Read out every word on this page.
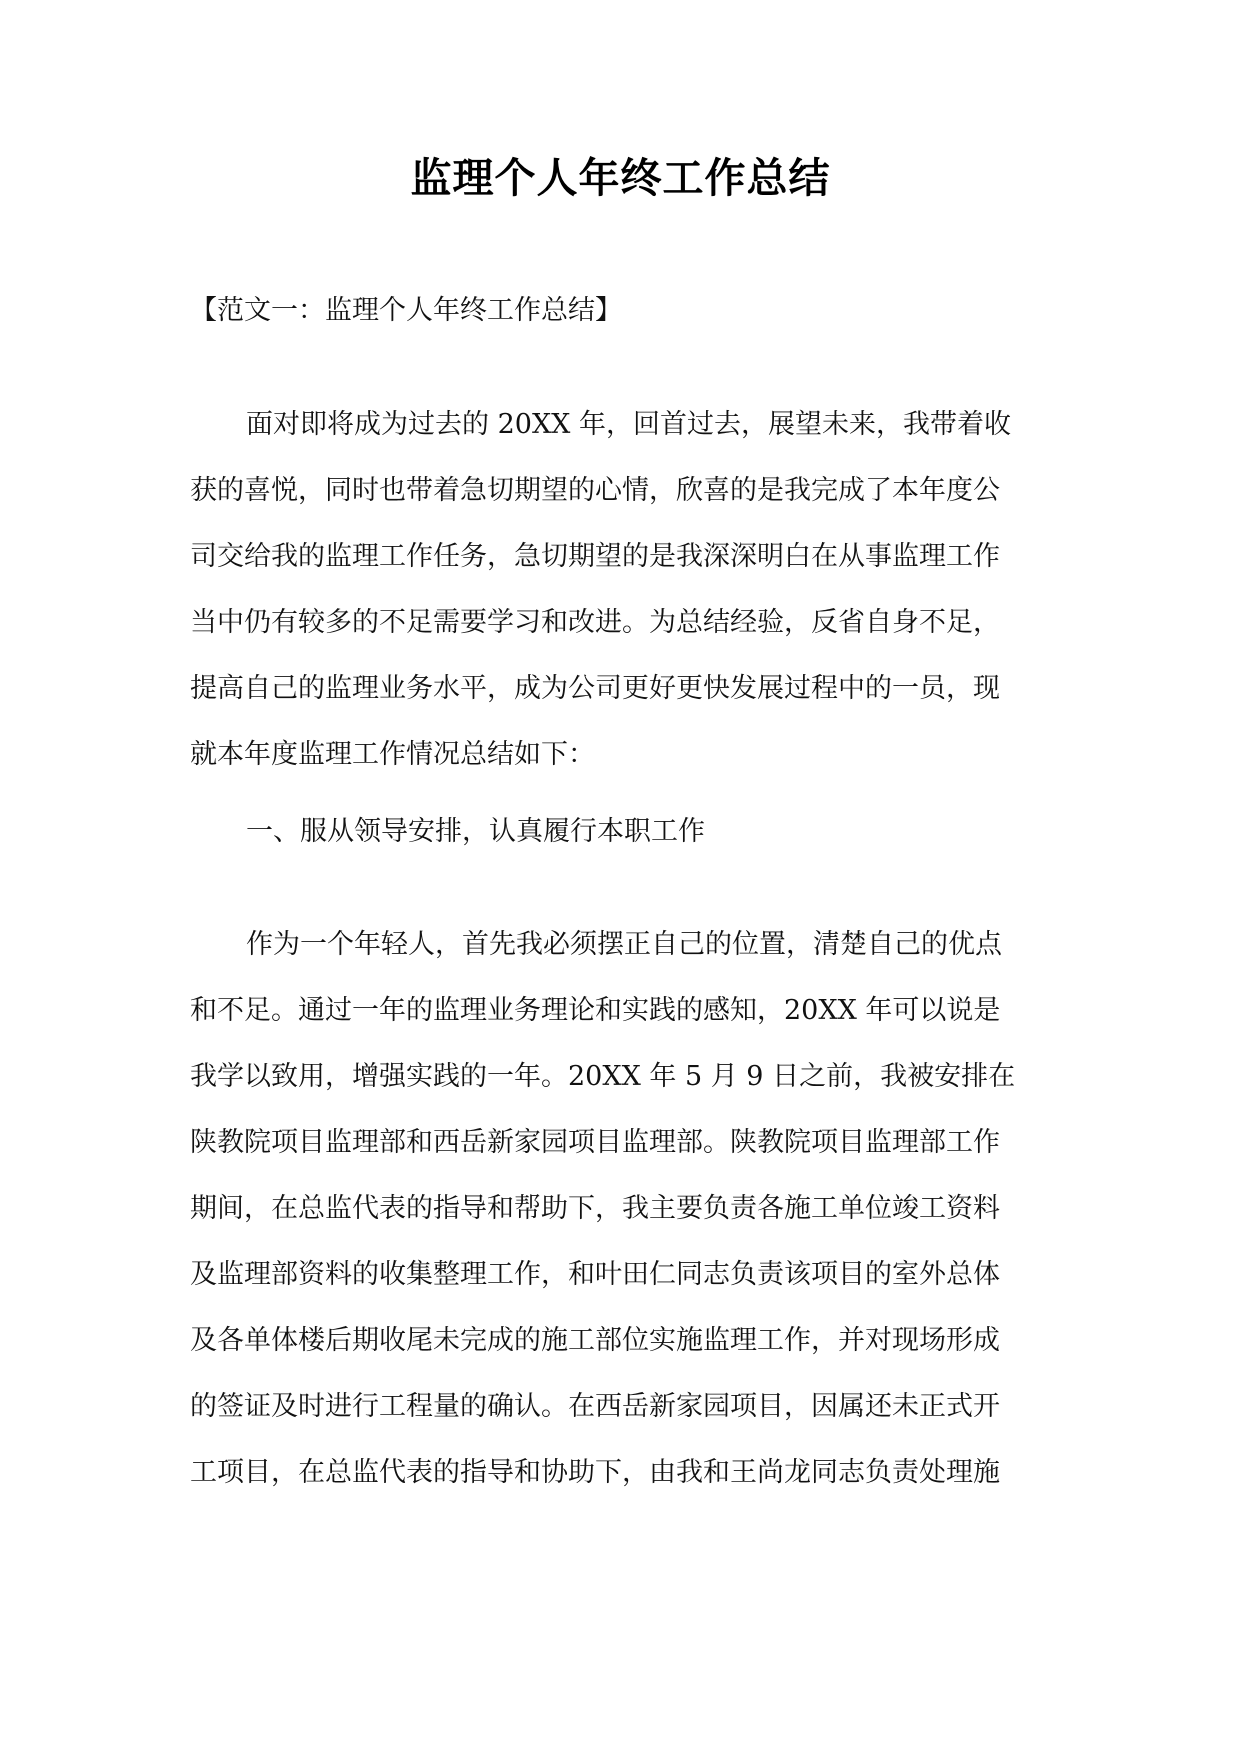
监理个人年终工作总结

【范文一：监理个人年终工作总结】

面对即将成为过去的 20XX 年，回首过去，展望未来，我带着收
获的喜悦，同时也带着急切期望的心情，欣喜的是我完成了本年度公
司交给我的监理工作任务，急切期望的是我深深明白在从事监理工作
当中仍有较多的不足需要学习和改进。为总结经验，反省自身不足，
提高自己的监理业务水平，成为公司更好更快发展过程中的一员，现
就本年度监理工作情况总结如下：

一、服从领导安排，认真履行本职工作

作为一个年轻人，首先我必须摆正自己的位置，清楚自己的优点
和不足。通过一年的监理业务理论和实践的感知，20XX 年可以说是
我学以致用，增强实践的一年。20XX 年 5 月 9 日之前，我被安排在
陕教院项目监理部和西岳新家园项目监理部。陕教院项目监理部工作
期间，在总监代表的指导和帮助下，我主要负责各施工单位竣工资料
及监理部资料的收集整理工作，和叶田仁同志负责该项目的室外总体
及各单体楼后期收尾未完成的施工部位实施监理工作，并对现场形成
的签证及时进行工程量的确认。在西岳新家园项目，因属还未正式开
工项目，在总监代表的指导和协助下，由我和王尚龙同志负责处理施
